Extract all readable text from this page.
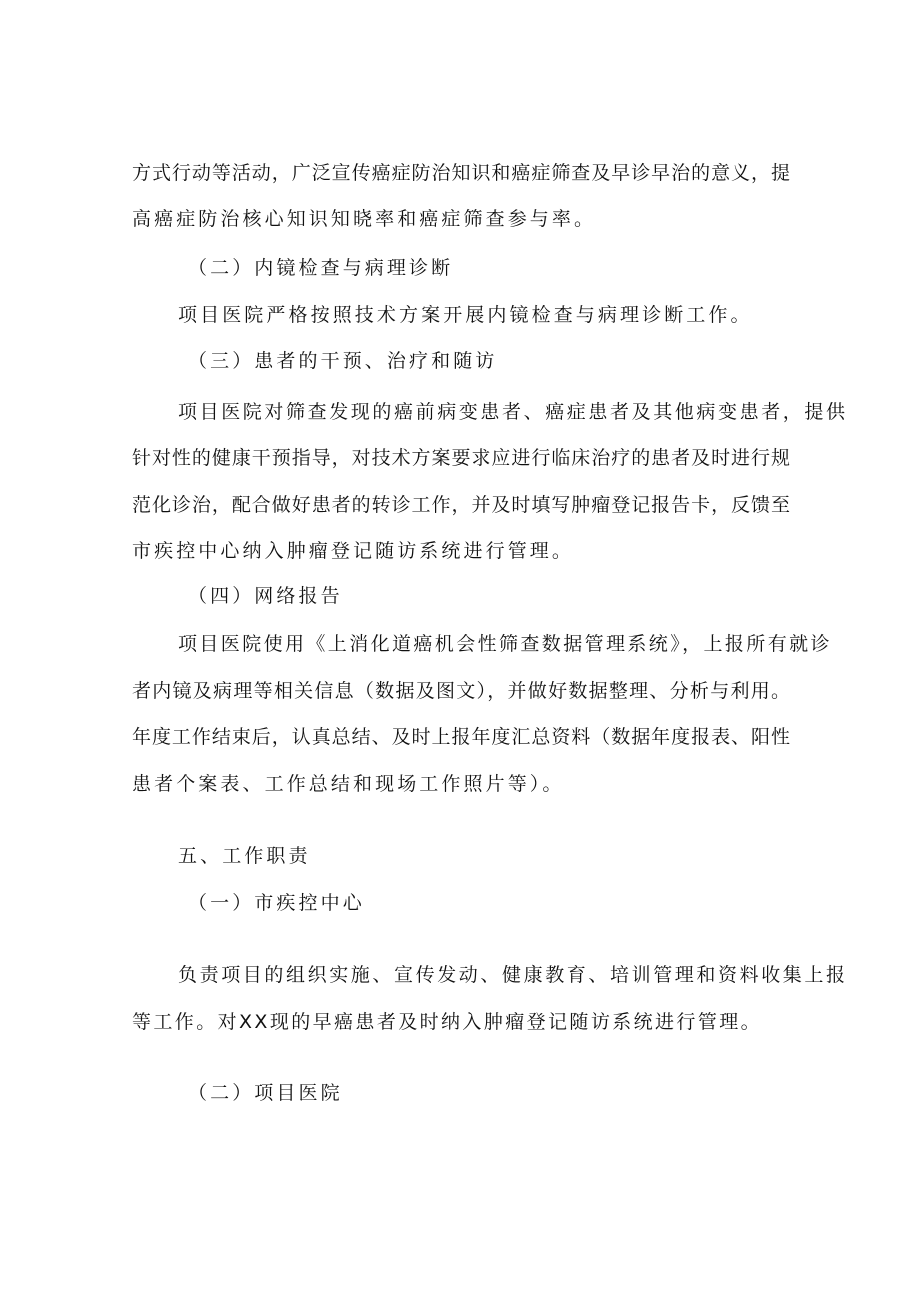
方式行动等活动，广泛宣传癌症防治知识和癌症筛查及早诊早治的意义，提
高癌症防治核心知识知晓率和癌症筛查参与率。
（二）内镜检查与病理诊断
项目医院严格按照技术方案开展内镜检查与病理诊断工作。
（三）患者的干预、治疗和随访
项目医院对筛查发现的癌前病变患者、癌症患者及其他病变患者，提供
针对性的健康干预指导，对技术方案要求应进行临床治疗的患者及时进行规
范化诊治，配合做好患者的转诊工作，并及时填写肿瘤登记报告卡，反馈至
市疾控中心纳入肿瘤登记随访系统进行管理。
（四）网络报告
项目医院使用《上消化道癌机会性筛查数据管理系统》，上报所有就诊
者内镜及病理等相关信息（数据及图文），并做好数据整理、分析与利用。
年度工作结束后，认真总结、及时上报年度汇总资料（数据年度报表、阳性
患者个案表、工作总结和现场工作照片等）。
五、工作职责
（一）市疾控中心
负责项目的组织实施、宣传发动、健康教育、培训管理和资料收集上报
等工作。对XX现的早癌患者及时纳入肿瘤登记随访系统进行管理。
（二）项目医院
